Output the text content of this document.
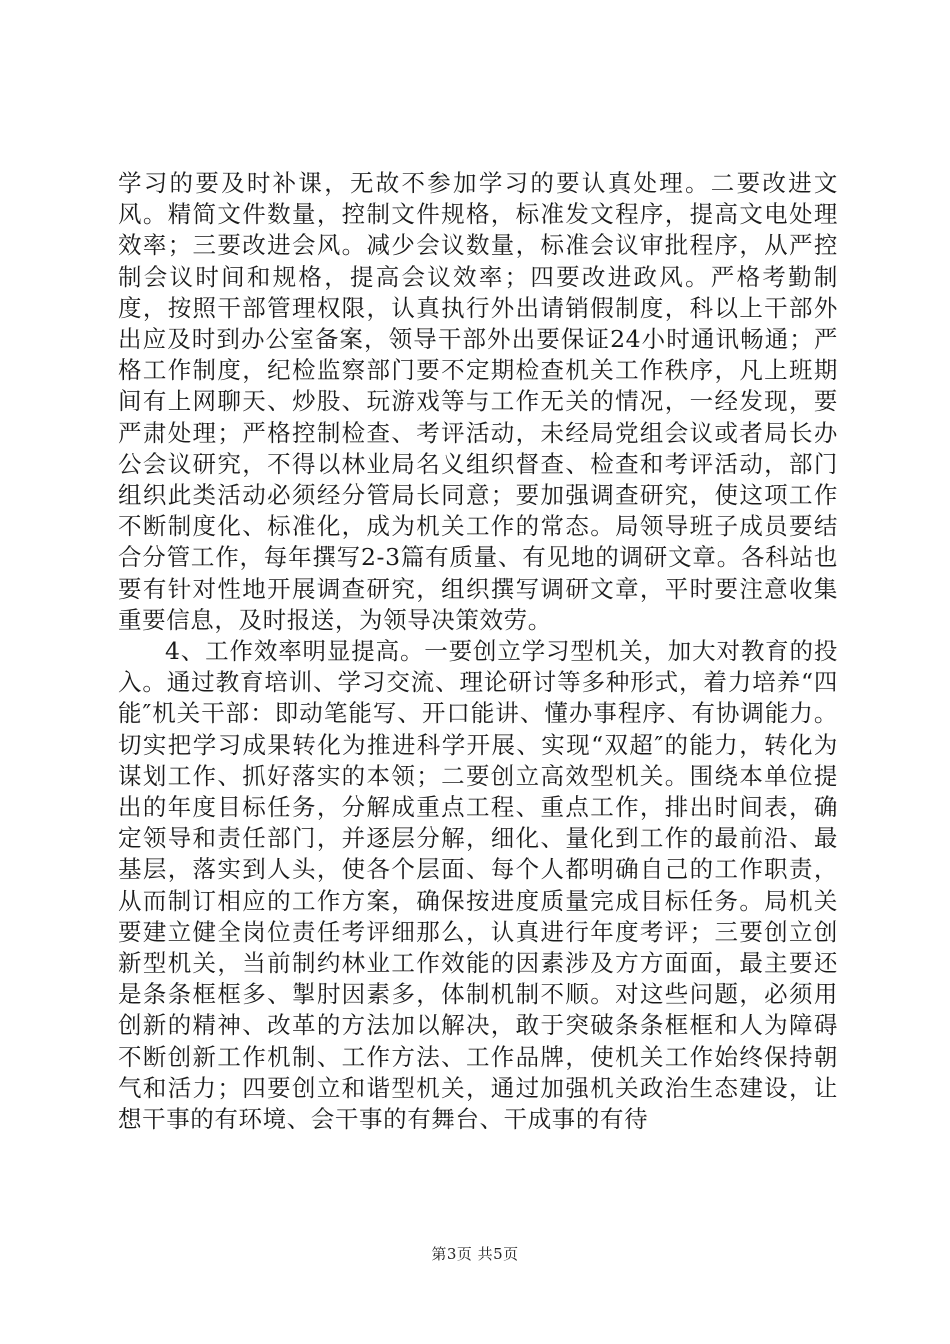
学习的要及时补课，无故不参加学习的要认真处理。二要改进文风。精简文件数量，控制文件规格，标准发文程序，提高文电处理效率；三要改进会风。减少会议数量，标准会议审批程序，从严控制会议时间和规格，提高会议效率；四要改进政风。严格考勤制度，按照干部管理权限，认真执行外出请销假制度，科以上干部外出应及时到办公室备案，领导干部外出要保证24小时通讯畅通；严格工作制度，纪检监察部门要不定期检查机关工作秩序，凡上班期间有上网聊天、炒股、玩游戏等与工作无关的情况，一经发现，要严肃处理；严格控制检查、考评活动，未经局党组会议或者局长办公会议研究，不得以林业局名义组织督查、检查和考评活动，部门组织此类活动必须经分管局长同意；要加强调查研究，使这项工作不断制度化、标准化，成为机关工作的常态。局领导班子成员要结合分管工作，每年撰写2-3篇有质量、有见地的调研文章。各科站也要有针对性地开展调查研究，组织撰写调研文章，平时要注意收集重要信息，及时报送，为领导决策效劳。

4、工作效率明显提高。一要创立学习型机关，加大对教育的投入。通过教育培训、学习交流、理论研讨等多种形式，着力培养“四能″机关干部：即动笔能写、开口能讲、懂办事程序、有协调能力。切实把学习成果转化为推进科学开展、实现“双超″的能力，转化为谋划工作、抓好落实的本领；二要创立高效型机关。围绕本单位提出的年度目标任务，分解成重点工程、重点工作，排出时间表，确定领导和责任部门，并逐层分解，细化、量化到工作的最前沿、最基层，落实到人头，使各个层面、每个人都明确自己的工作职责，从而制订相应的工作方案，确保按进度质量完成目标任务。局机关要建立健全岗位责任考评细那么，认真进行年度考评；三要创立创新型机关，当前制约林业工作效能的因素涉及方方面面，最主要还是条条框框多、掣肘因素多，体制机制不顺。对这些问题，必须用创新的精神、改革的方法加以解决，敢于突破条条框框和人为障碍不断创新工作机制、工作方法、工作品牌，使机关工作始终保持朝气和活力；四要创立和谐型机关，通过加强机关政治生态建设，让想干事的有环境、会干事的有舞台、干成事的有待

第3页 共5页
